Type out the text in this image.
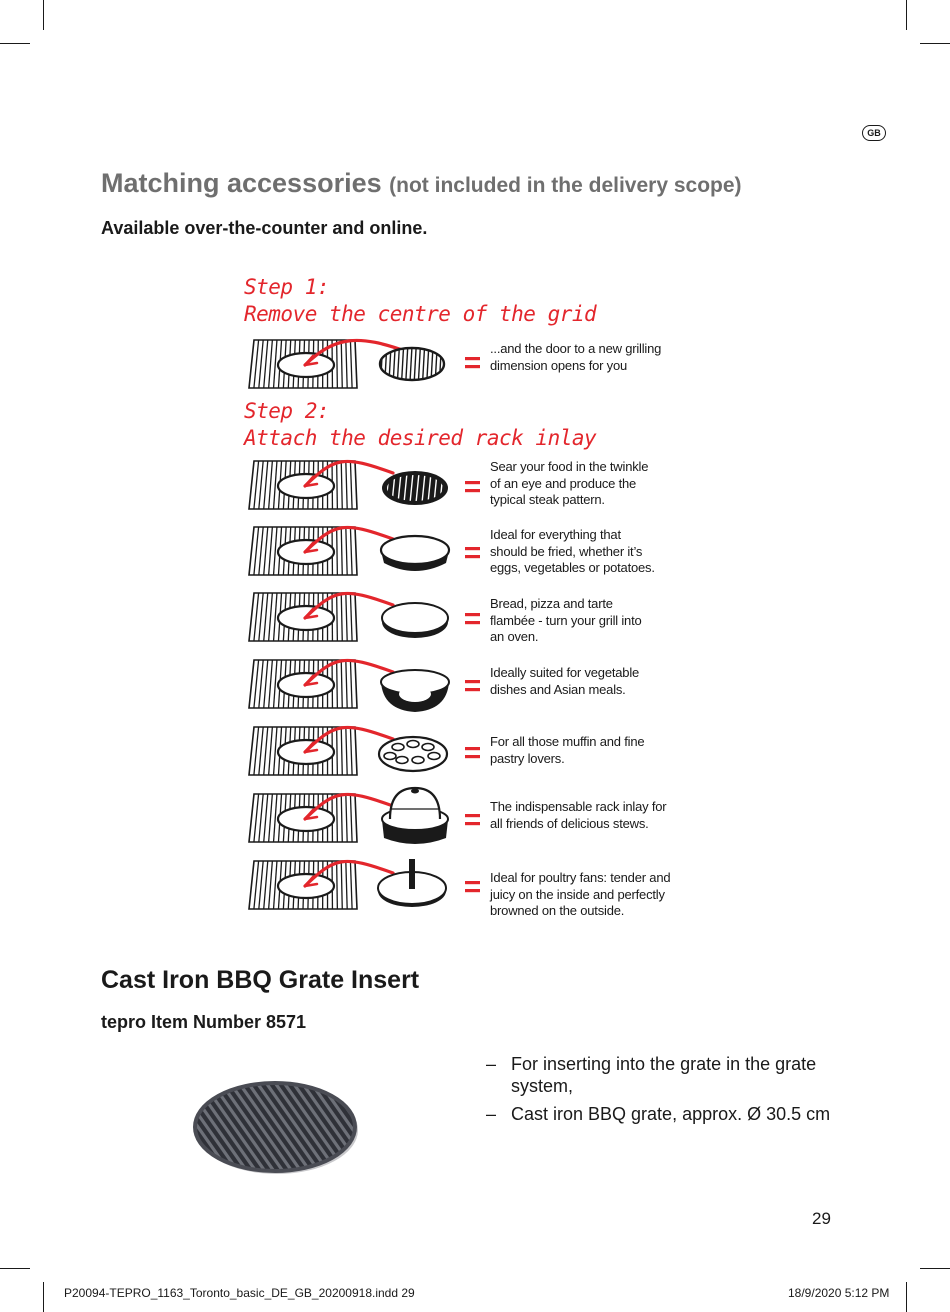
GB
Matching accessories (not included in the delivery scope)
Available over-the-counter and online.
Step 1:
Remove the centre of the grid
Step 2:
Attach the desired rack inlay
...and the door to a new grilling
dimension opens for you
Sear your food in the twinkle
of an eye and produce the
typical steak pattern.
Ideal for everything that
should be fried, whether it’s
eggs, vegetables or potatoes.
Bread, pizza and tarte
flambée - turn your grill into
an oven.
Ideally suited for vegetable
dishes and Asian meals.
For all those muffin and fine
pastry lovers.
The indispensable rack inlay for
all friends of delicious stews.
Ideal for poultry fans: tender and
juicy on the inside and perfectly
browned on the outside.
Cast Iron BBQ Grate Insert
tepro Item Number 8571
– For inserting into the grate in the grate system,
– Cast iron BBQ grate, approx. Ø 30.5 cm
29
P20094-TEPRO_1163_Toronto_basic_DE_GB_20200918.indd 29	18/9/2020 5:12 PM
